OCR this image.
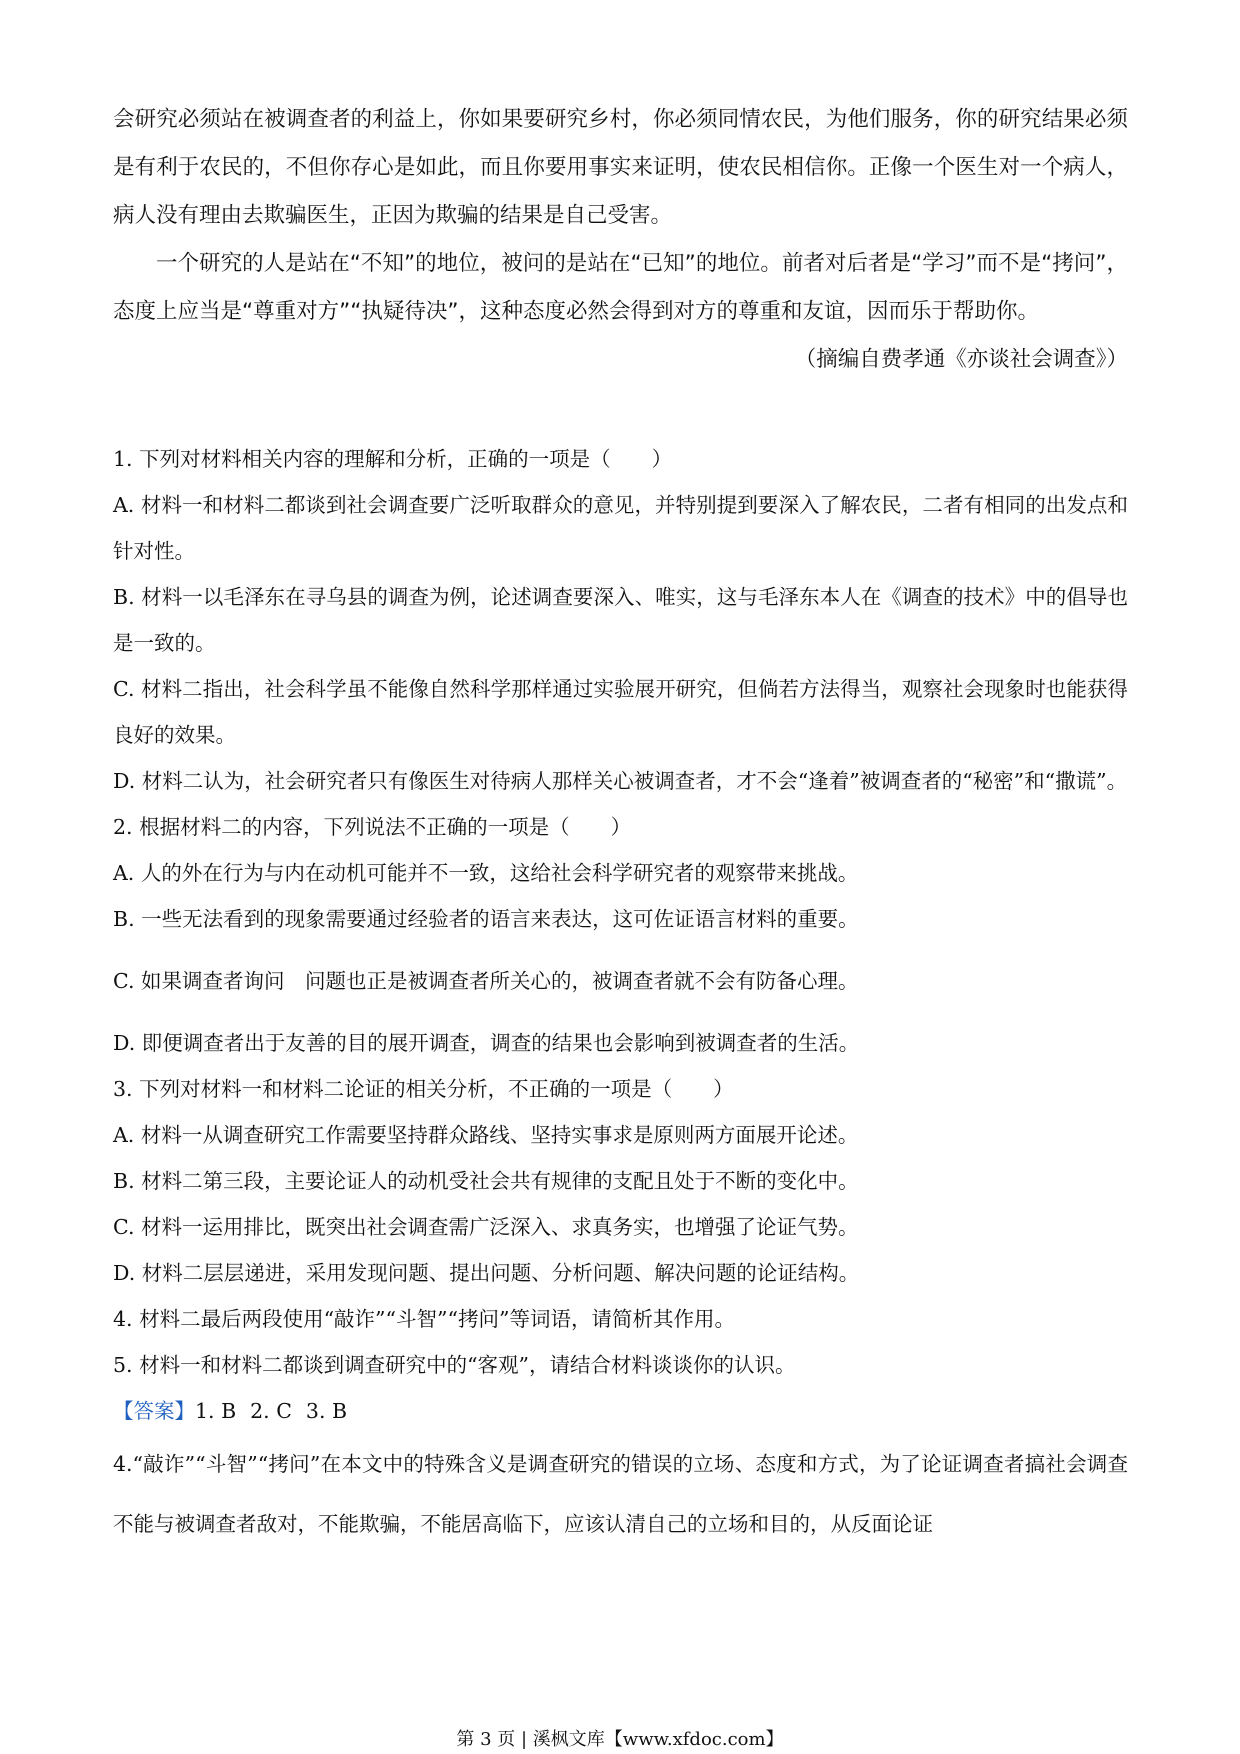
会研究必须站在被调查者的利益上，你如果要研究乡村，你必须同情农民，为他们服务，你的研究结果必须是有利于农民的，不但你存心是如此，而且你要用事实来证明，使农民相信你。正像一个医生对一个病人，病人没有理由去欺骗医生，正因为欺骗的结果是自己受害。

一个研究的人是站在“不知”的地位，被问的是站在“已知”的地位。前者对后者是“学习”而不是“拷问”，态度上应当是“尊重对方”“执疑待决”，这种态度必然会得到对方的尊重和友谊，因而乐于帮助你。

（摘编自费孝通《亦谈社会调查》）

1. 下列对材料相关内容的理解和分析，正确的一项是（　　）

A. 材料一和材料二都谈到社会调查要广泛听取群众的意见，并特别提到要深入了解农民，二者有相同的出发点和针对性。

B. 材料一以毛泽东在寻乌县的调查为例，论述调查要深入、唯实，这与毛泽东本人在《调查的技术》中的倡导也是一致的。

C. 材料二指出，社会科学虽不能像自然科学那样通过实验展开研究，但倘若方法得当，观察社会现象时也能获得良好的效果。

D. 材料二认为，社会研究者只有像医生对待病人那样关心被调查者，才不会“逢着”被调查者的“秘密”和“撒谎”。

2. 根据材料二的内容，下列说法不正确的一项是（　　）

A. 人的外在行为与内在动机可能并不一致，这给社会科学研究者的观察带来挑战。

B. 一些无法看到的现象需要通过经验者的语言来表达，这可佐证语言材料的重要。

C. 如果调查者询问　问题也正是被调查者所关心的，被调查者就不会有防备心理。

D. 即便调查者出于友善的目的展开调查，调查的结果也会影响到被调查者的生活。

3. 下列对材料一和材料二论证的相关分析，不正确的一项是（　　）

A. 材料一从调查研究工作需要坚持群众路线、坚持实事求是原则两方面展开论述。

B. 材料二第三段，主要论证人的动机受社会共有规律的支配且处于不断的变化中。

C. 材料一运用排比，既突出社会调查需广泛深入、求真务实，也增强了论证气势。

D. 材料二层层递进，采用发现问题、提出问题、分析问题、解决问题的论证结构。

4. 材料二最后两段使用“敲诈”“斗智”“拷问”等词语，请简析其作用。

5. 材料一和材料二都谈到调查研究中的“客观”，请结合材料谈谈你的认识。

【答案】1. B 2. C 3. B

4.“敲诈”“斗智”“拷问”在本文中的特殊含义是调查研究的错误的立场、态度和方式，为了论证调查者搞社会调查不能与被调查者敌对，不能欺骗，不能居高临下，应该认清自己的立场和目的，从反面论证

第 3 页 | 溪枫文库【www.xfdoc.com】
